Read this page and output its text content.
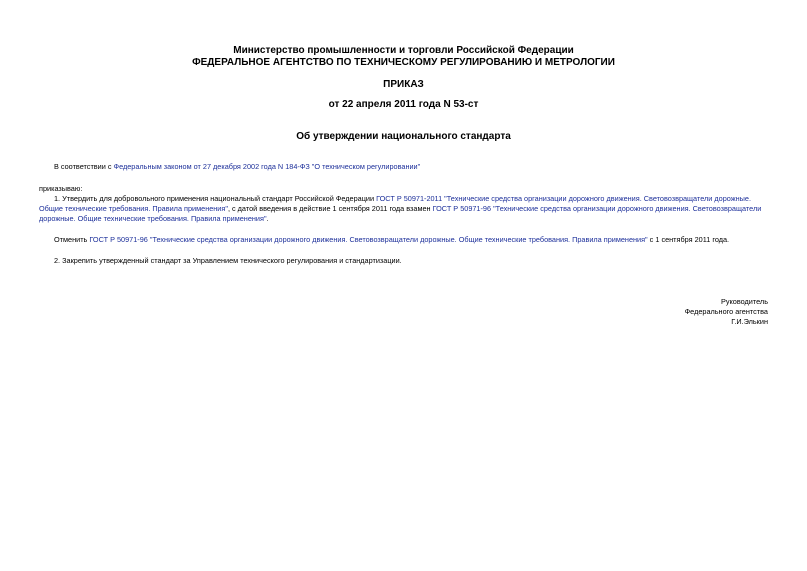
Министерство промышленности и торговли Российской Федерации
ФЕДЕРАЛЬНОЕ АГЕНТСТВО ПО ТЕХНИЧЕСКОМУ РЕГУЛИРОВАНИЮ И МЕТРОЛОГИИ
ПРИКАЗ
от 22 апреля 2011 года N 53-ст
Об утверждении национального стандарта
В соответствии с Федеральным законом от 27 декабря 2002 года N 184-ФЗ "О техническом регулировании"
приказываю:
1. Утвердить для добровольного применения национальный стандарт Российской Федерации ГОСТ Р 50971-2011 "Технические средства организации дорожного движения. Световозвращатели дорожные. Общие технические требования. Правила применения", с датой введения в действие 1 сентября 2011 года взамен ГОСТ Р 50971-96 "Технические средства организации дорожного движения. Световозвращатели дорожные. Общие технические требования. Правила применения".
Отменить ГОСТ Р 50971-96 "Технические средства организации дорожного движения. Световозвращатели дорожные. Общие технические требования. Правила применения" с 1 сентября 2011 года.
2. Закрепить утвержденный стандарт за Управлением технического регулирования и стандартизации.
Руководитель
Федерального агентства
Г.И.Элькин
